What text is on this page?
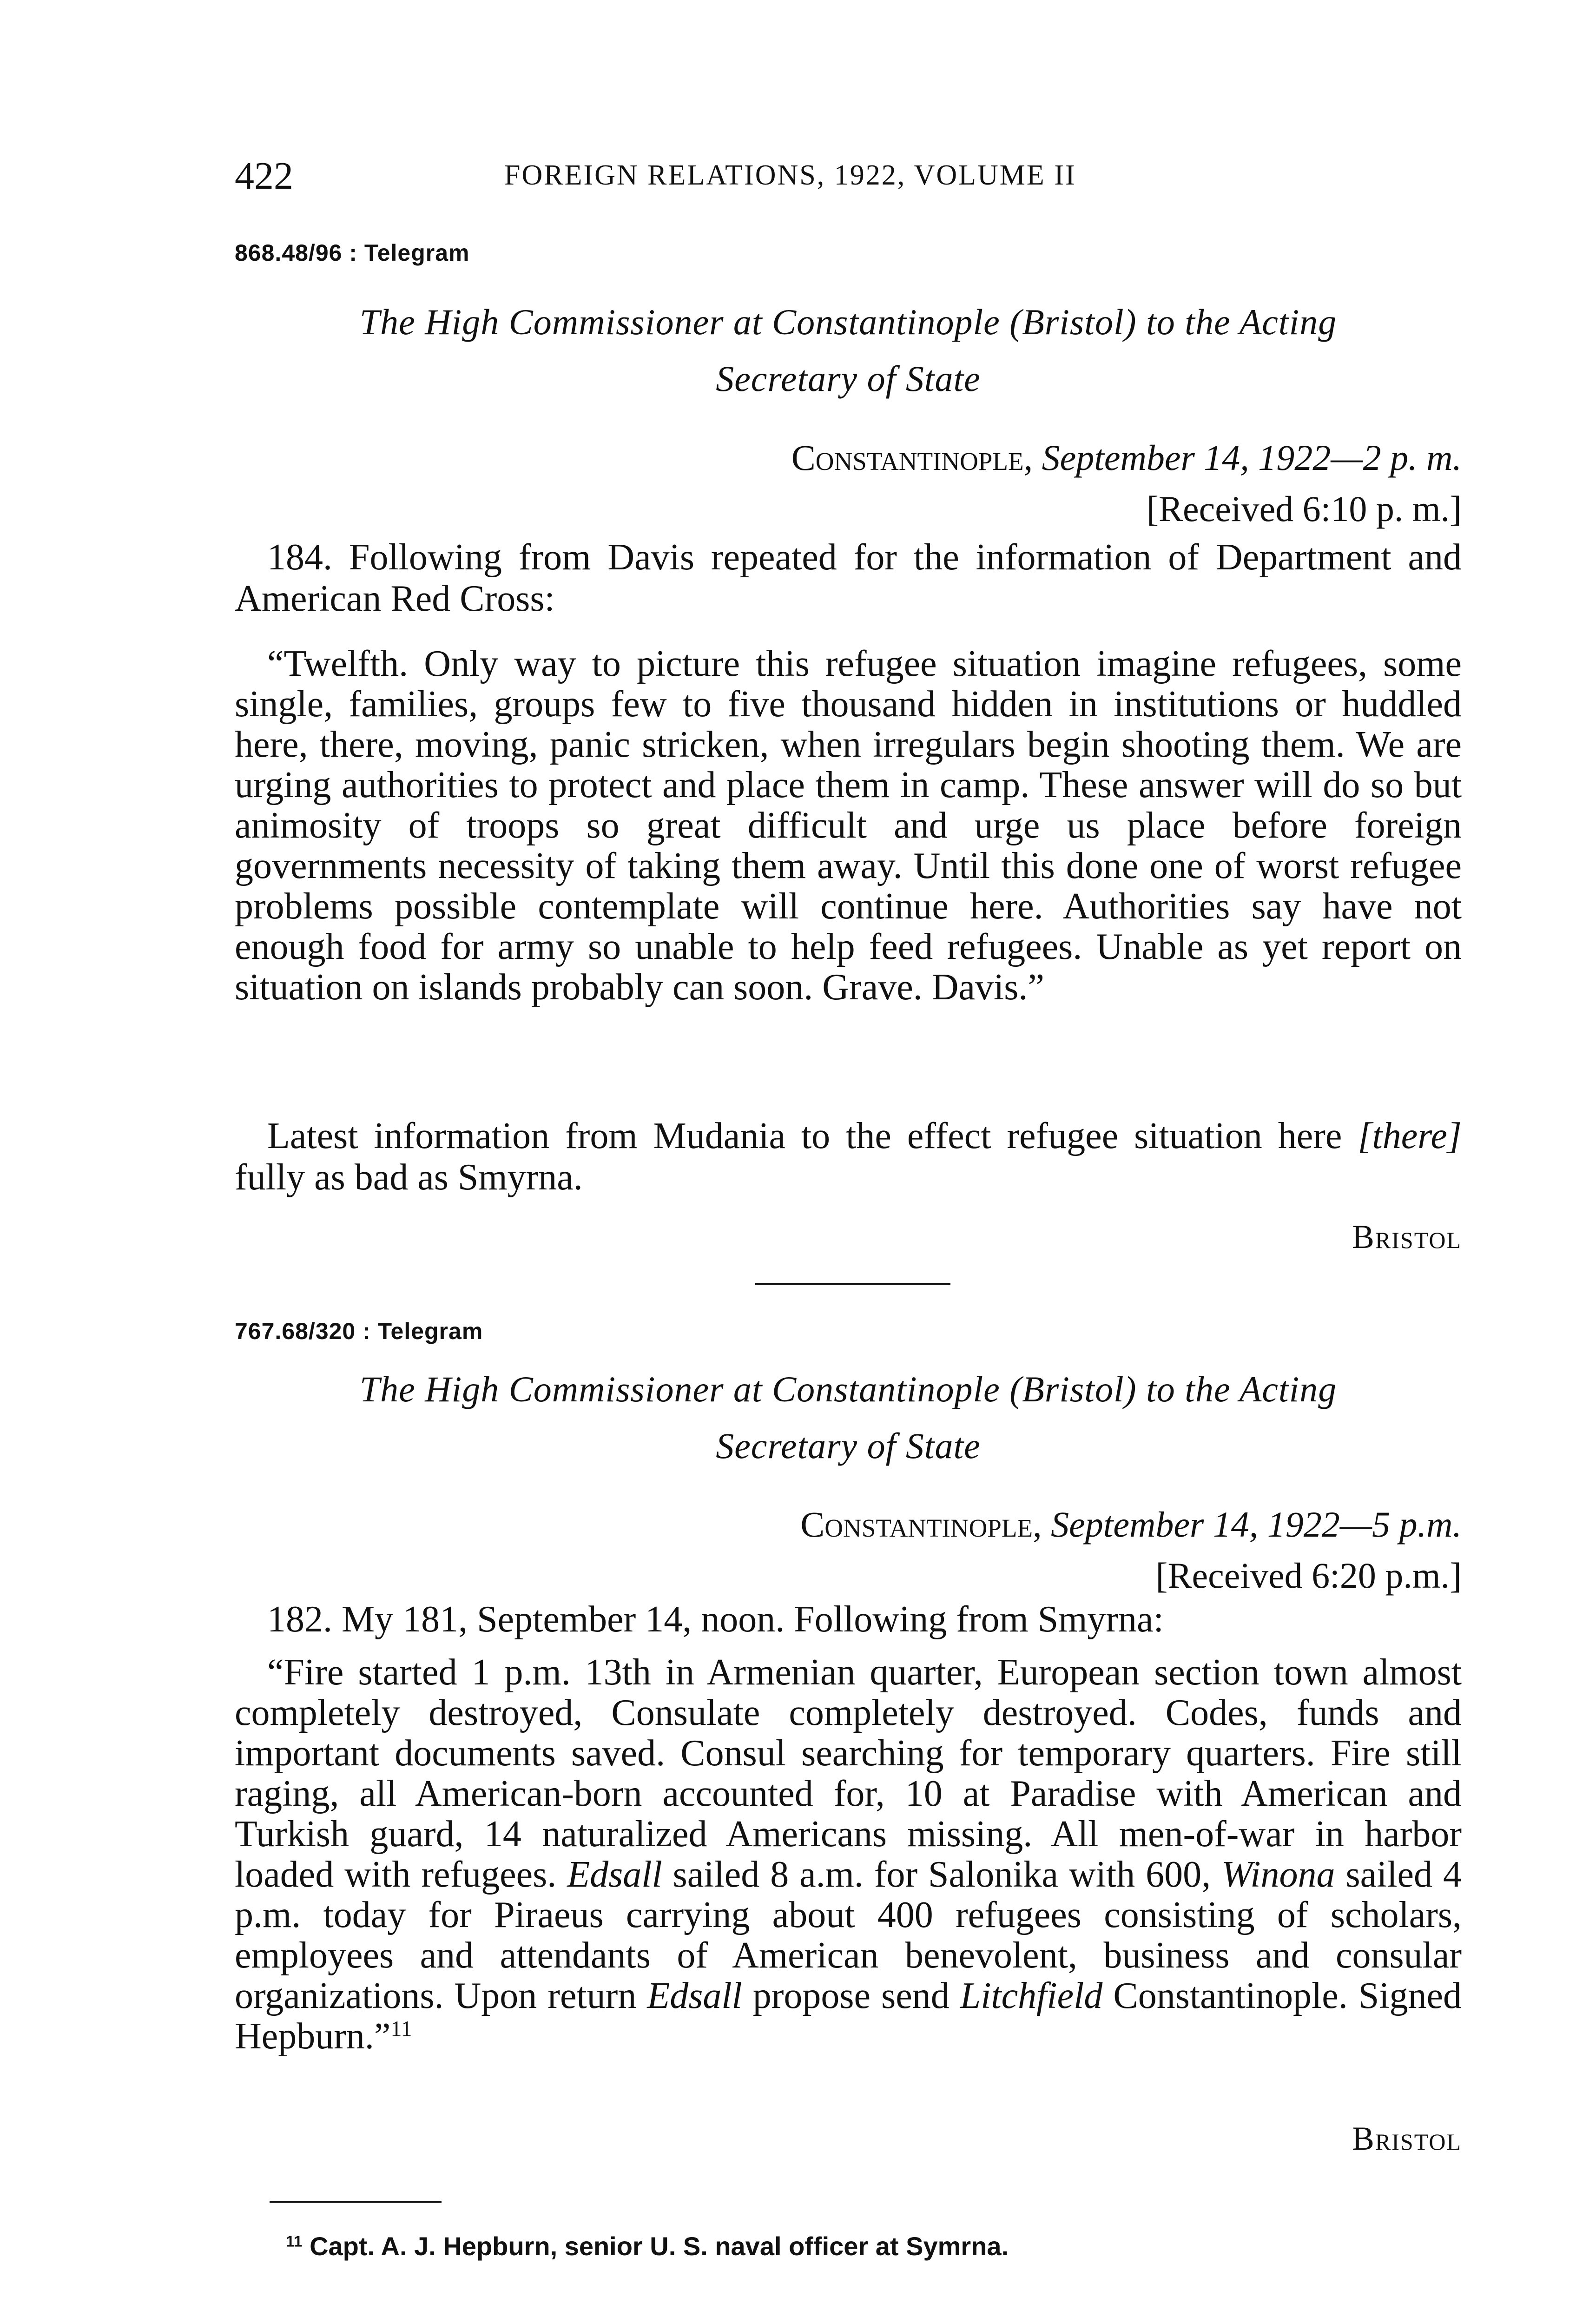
422	FOREIGN RELATIONS, 1922, VOLUME II
868.48/96 : Telegram
The High Commissioner at Constantinople (Bristol) to the Acting
Secretary of State
Constantinople, September 14, 1922—2 p. m.
[Received 6:10 p. m.]

184. Following from Davis repeated for the information of Department and American Red Cross:

“Twelfth. Only way to picture this refugee situation imagine refugees, some single, families, groups few to five thousand hidden in institutions or huddled here, there, moving, panic stricken, when irregulars begin shooting them. We are urging authorities to protect and place them in camp. These answer will do so but animosity of troops so great difficult and urge us place before foreign governments necessity of taking them away. Until this done one of worst refugee problems possible contemplate will continue here. Authorities say have not enough food for army so unable to help feed refugees. Unable as yet report on situation on islands probably can soon. Grave. Davis.”

Latest information from Mudania to the effect refugee situation here [there] fully as bad as Smyrna.

Bristol
767.68/320 : Telegram
The High Commissioner at Constantinople (Bristol) to the Acting
Secretary of State
Constantinople, September 14, 1922—5 p.m.
[Received 6:20 p.m.]

182. My 181, September 14, noon. Following from Smyrna:

“Fire started 1 p.m. 13th in Armenian quarter, European section town almost completely destroyed, Consulate completely destroyed. Codes, funds and important documents saved. Consul searching for temporary quarters. Fire still raging, all American-born accounted for, 10 at Paradise with American and Turkish guard, 14 naturalized Americans missing. All men-of-war in harbor loaded with refugees. Edsall sailed 8 a.m. for Salonika with 600, Winona sailed 4 p.m. today for Piraeus carrying about 400 refugees consisting of scholars, employees and attendants of American benevolent, business and consular organizations. Upon return Edsall propose send Litchfield Constantinople. Signed Hepburn.”$^{11}$

Bristol
$^{11}$ Capt. A. J. Hepburn, senior U. S. naval officer at Symrna.
